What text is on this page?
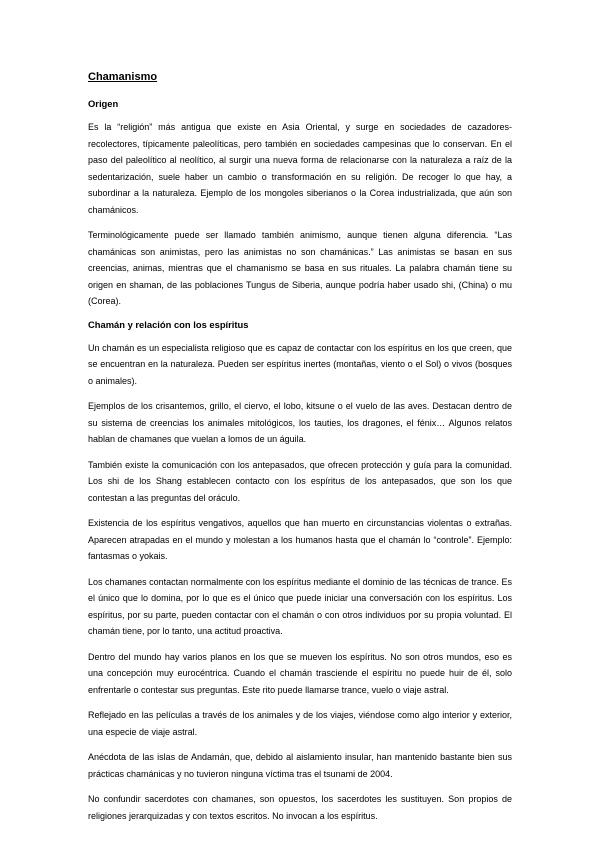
Chamanismo
Origen

Es la “religión” más antigua que existe en Asia Oriental, y surge en sociedades de cazadores-recolectores, típicamente paleolíticas, pero también en sociedades campesinas que lo conservan. En el paso del paleolítico al neolítico, al surgir una nueva forma de relacionarse con la naturaleza a raíz de la sedentarización, suele haber un cambio o transformación en su religión. De recoger lo que hay, a subordinar a la naturaleza. Ejemplo de los mongoles siberianos o la Corea industrializada, que aún son chamánicos.

Terminológicamente puede ser llamado también animismo, aunque tienen alguna diferencia. “Las chamánicas son animistas, pero las animistas no son chamánicas.” Las animistas se basan en sus creencias, animas, mientras que el chamanismo se basa en sus rituales. La palabra chamán tiene su origen en shaman, de las poblaciones Tungus de Siberia, aunque podría haber usado shi, (China) o mu (Corea).

Chamán y relación con los espíritus

Un chamán es un especialista religioso que es capaz de contactar con los espíritus en los que creen, que se encuentran en la naturaleza. Pueden ser espíritus inertes (montañas, viento o el Sol) o vivos (bosques o animales).

Ejemplos de los crisantemos, grillo, el ciervo, el lobo, kitsune o el vuelo de las aves. Destacan dentro de su sistema de creencias los animales mitológicos, los tauties, los dragones, el fénix… Algunos relatos hablan de chamanes que vuelan a lomos de un águila.

También existe la comunicación con los antepasados, que ofrecen protección y guía para la comunidad. Los shi de los Shang establecen contacto con los espíritus de los antepasados, que son los que contestan a las preguntas del oráculo.

Existencia de los espíritus vengativos, aquellos que han muerto en circunstancias violentas o extrañas. Aparecen atrapadas en el mundo y molestan a los humanos hasta que el chamán lo “controle”. Ejemplo: fantasmas o yokais.

Los chamanes contactan normalmente con los espíritus mediante el dominio de las técnicas de trance. Es el único que lo domina, por lo que es el único que puede iniciar una conversación con los espíritus. Los espíritus, por su parte, pueden contactar con el chamán o con otros individuos por su propia voluntad. El chamán tiene, por lo tanto, una actitud proactiva.

Dentro del mundo hay varios planos en los que se mueven los espíritus. No son otros mundos, eso es una concepción muy eurocéntrica. Cuando el chamán trasciende el espíritu no puede huir de él, solo enfrentarle o contestar sus preguntas. Este rito puede llamarse trance, vuelo o viaje astral.

Reflejado en las películas a través de los animales y de los viajes, viéndose como algo interior y exterior, una especie de viaje astral.

Anécdota de las islas de Andamán, que, debido al aislamiento insular, han mantenido bastante bien sus prácticas chamánicas y no tuvieron ninguna víctima tras el tsunami de 2004.

No confundir sacerdotes con chamanes, son opuestos, los sacerdotes les sustituyen. Son propios de religiones jerarquizadas y con textos escritos. No invocan a los espíritus.
